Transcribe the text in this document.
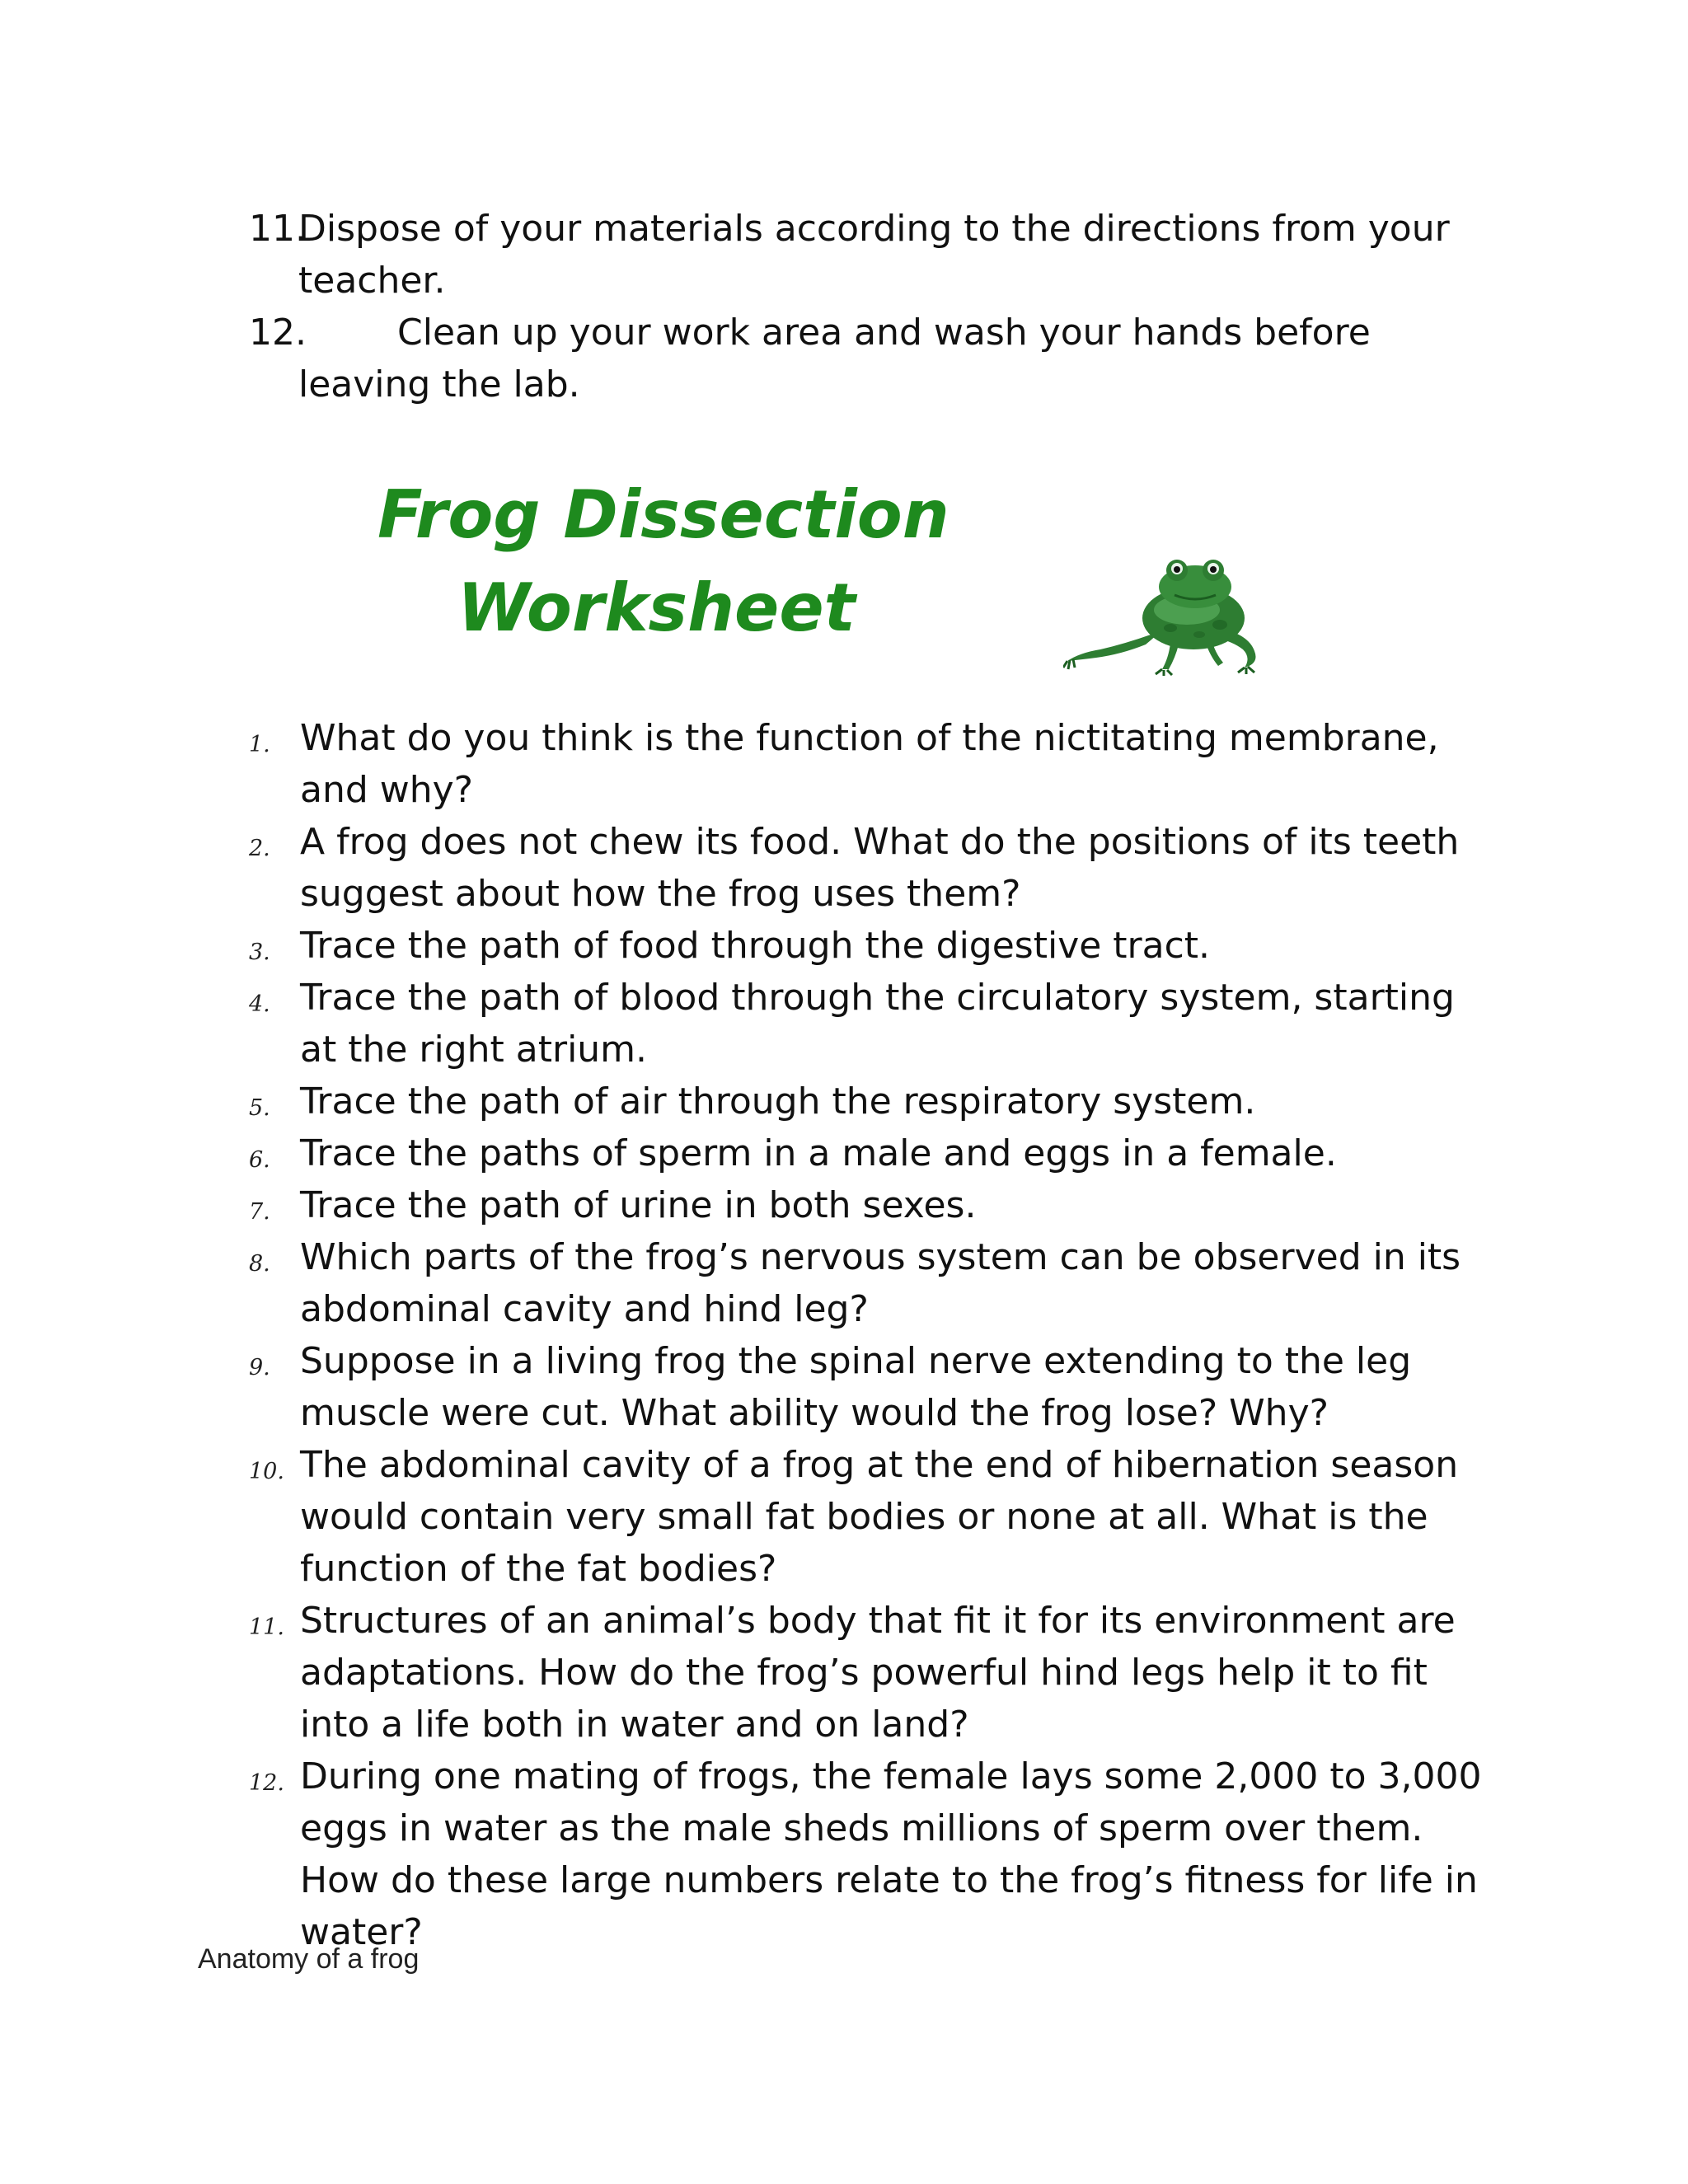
11.
Dispose of your materials according to the directions from your teacher.
12.	Clean up your work area and wash your hands before leaving the lab.
Frog Dissection
Worksheet
1. What do you think is the function of the nictitating membrane, and why?
2. A frog does not chew its food. What do the positions of its teeth suggest about how the frog uses them?
3. Trace the path of food through the digestive tract.
4. Trace the path of blood through the circulatory system, starting at the right atrium.
5. Trace the path of air through the respiratory system.
6. Trace the paths of sperm in a male and eggs in a female.
7. Trace the path of urine in both sexes.
8. Which parts of the frog’s nervous system can be observed in its abdominal cavity and hind leg?
9. Suppose in a living frog the spinal nerve extending to the leg muscle were cut. What ability would the frog lose? Why?
10. The abdominal cavity of a frog at the end of hibernation season would contain very small fat bodies or none at all. What is the function of the fat bodies?
11. Structures of an animal’s body that fit it for its environment are adaptations. How do the frog’s powerful hind legs help it to fit into a life both in water and on land?
12. During one mating of frogs, the female lays some 2,000 to 3,000 eggs in water as the male sheds millions of sperm over them. How do these large numbers relate to the frog’s fitness for life in water?
Anatomy of a frog
